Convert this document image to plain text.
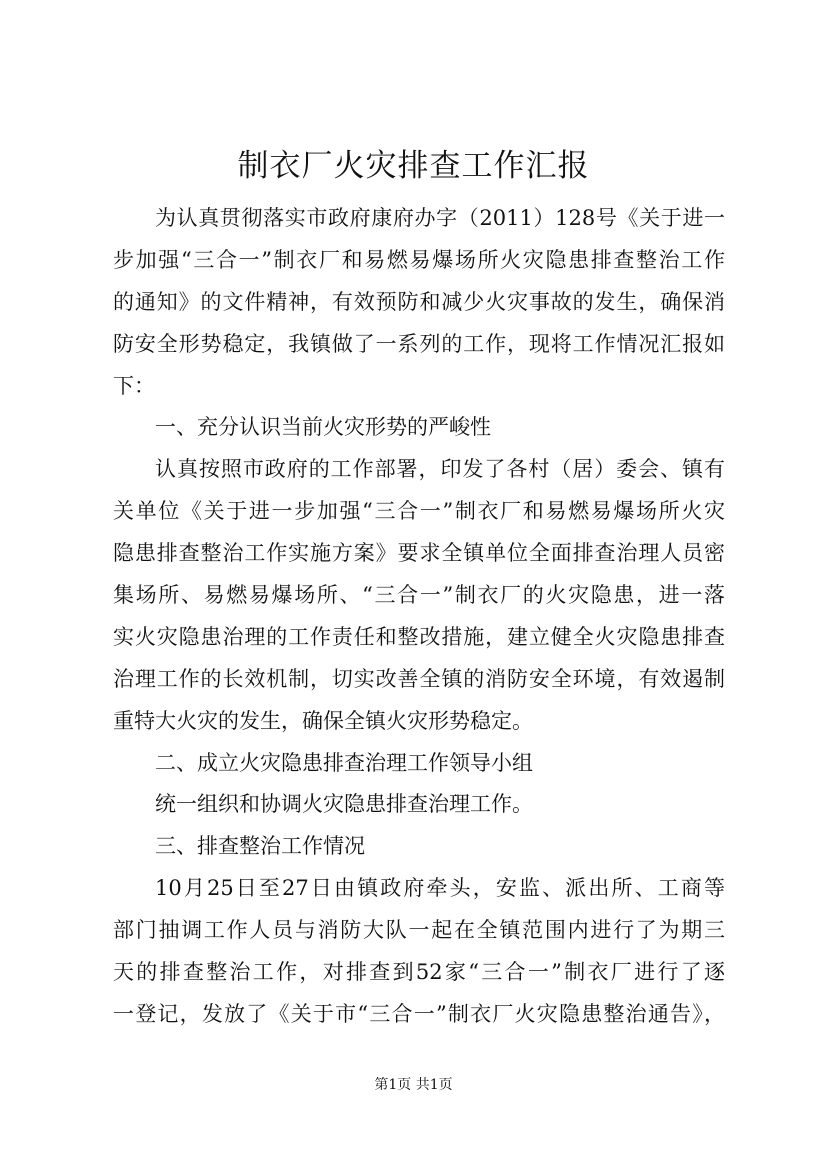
制衣厂火灾排查工作汇报
为认真贯彻落实市政府康府办字（2011）128号《关于进一
步加强“三合一”制衣厂和易燃易爆场所火灾隐患排查整治工作
的通知》的文件精神，有效预防和减少火灾事故的发生，确保消
防安全形势稳定，我镇做了一系列的工作，现将工作情况汇报如
下：
一、充分认识当前火灾形势的严峻性
认真按照市政府的工作部署，印发了各村（居）委会、镇有
关单位《关于进一步加强“三合一”制衣厂和易燃易爆场所火灾
隐患排查整治工作实施方案》要求全镇单位全面排查治理人员密
集场所、易燃易爆场所、“三合一”制衣厂的火灾隐患，进一落
实火灾隐患治理的工作责任和整改措施，建立健全火灾隐患排查
治理工作的长效机制，切实改善全镇的消防安全环境，有效遏制
重特大火灾的发生，确保全镇火灾形势稳定。
二、成立火灾隐患排查治理工作领导小组
统一组织和协调火灾隐患排查治理工作。
三、排查整治工作情况
10月25日至27日由镇政府牵头，安监、派出所、工商等
部门抽调工作人员与消防大队一起在全镇范围内进行了为期三
天的排查整治工作，对排查到52家“三合一”制衣厂进行了逐
一登记，发放了《关于市“三合一”制衣厂火灾隐患整治通告》，
第1页 共1页
